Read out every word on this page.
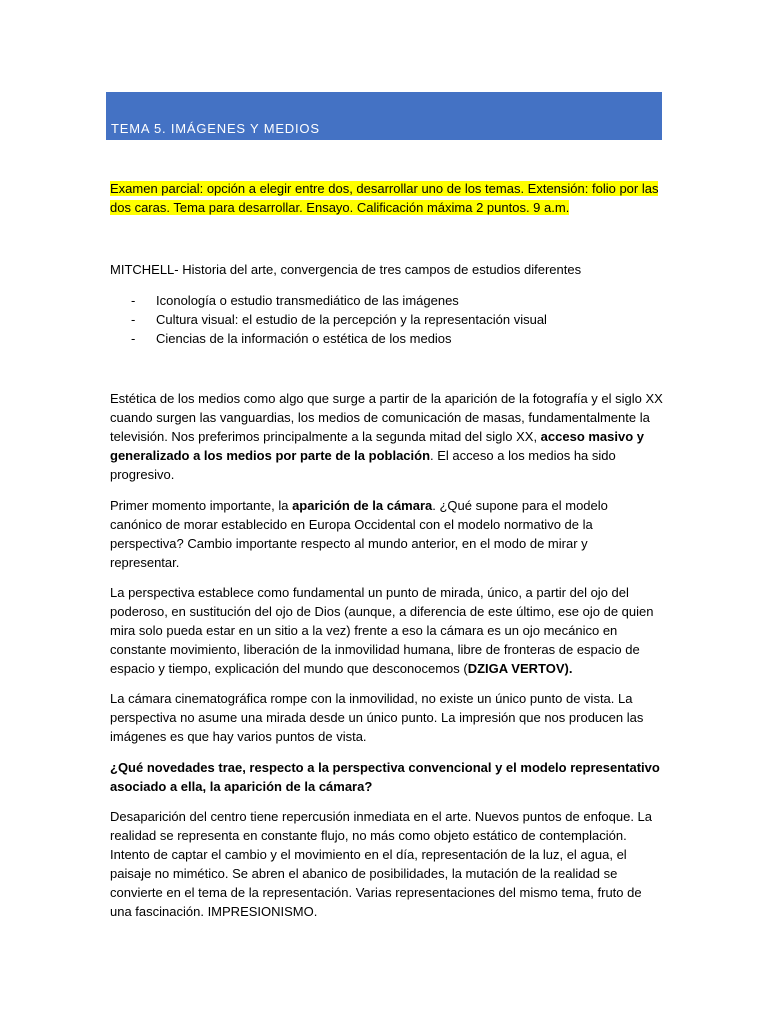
TEMA 5. IMÁGENES Y MEDIOS

Examen parcial: opción a elegir entre dos, desarrollar uno de los temas. Extensión: folio por las
dos caras. Tema para desarrollar. Ensayo. Calificación máxima 2 puntos. 9 a.m.

MITCHELL- Historia del arte, convergencia de tres campos de estudios diferentes

- Iconología o estudio transmediático de las imágenes
- Cultura visual: el estudio de la percepción y la representación visual
- Ciencias de la información o estética de los medios

Estética de los medios como algo que surge a partir de la aparición de la fotografía y el siglo XX
cuando surgen las vanguardias, los medios de comunicación de masas, fundamentalmente la
televisión. Nos preferimos principalmente a la segunda mitad del siglo XX, acceso masivo y
generalizado a los medios por parte de la población. El acceso a los medios ha sido
progresivo.

Primer momento importante, la aparición de la cámara. ¿Qué supone para el modelo
canónico de morar establecido en Europa Occidental con el modelo normativo de la
perspectiva? Cambio importante respecto al mundo anterior, en el modo de mirar y
representar.

La perspectiva establece como fundamental un punto de mirada, único, a partir del ojo del
poderoso, en sustitución del ojo de Dios (aunque, a diferencia de este último, ese ojo de quien
mira solo pueda estar en un sitio a la vez) frente a eso la cámara es un ojo mecánico en
constante movimiento, liberación de la inmovilidad humana, libre de fronteras de espacio de
espacio y tiempo, explicación del mundo que desconocemos (DZIGA VERTOV).

La cámara cinematográfica rompe con la inmovilidad, no existe un único punto de vista. La
perspectiva no asume una mirada desde un único punto. La impresión que nos producen las
imágenes es que hay varios puntos de vista.

¿Qué novedades trae, respecto a la perspectiva convencional y el modelo representativo
asociado a ella, la aparición de la cámara?

Desaparición del centro tiene repercusión inmediata en el arte. Nuevos puntos de enfoque. La
realidad se representa en constante flujo, no más como objeto estático de contemplación.
Intento de captar el cambio y el movimiento en el día, representación de la luz, el agua, el
paisaje no mimético. Se abren el abanico de posibilidades, la mutación de la realidad se
convierte en el tema de la representación. Varias representaciones del mismo tema, fruto de
una fascinación. IMPRESIONISMO.
